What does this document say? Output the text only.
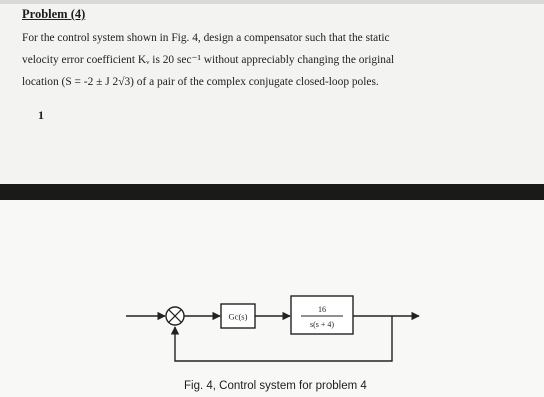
Problem (4)
For the control system shown in Fig. 4, design a compensator such that the static
velocity error coefficient Kᵥ is 20 sec⁻¹ without appreciably changing the original
location (S = -2 ± J 2√3) of a pair of the complex conjugate closed-loop poles.
1
Gc(s)
16
s(s + 4)
Fig. 4, Control system for problem 4
